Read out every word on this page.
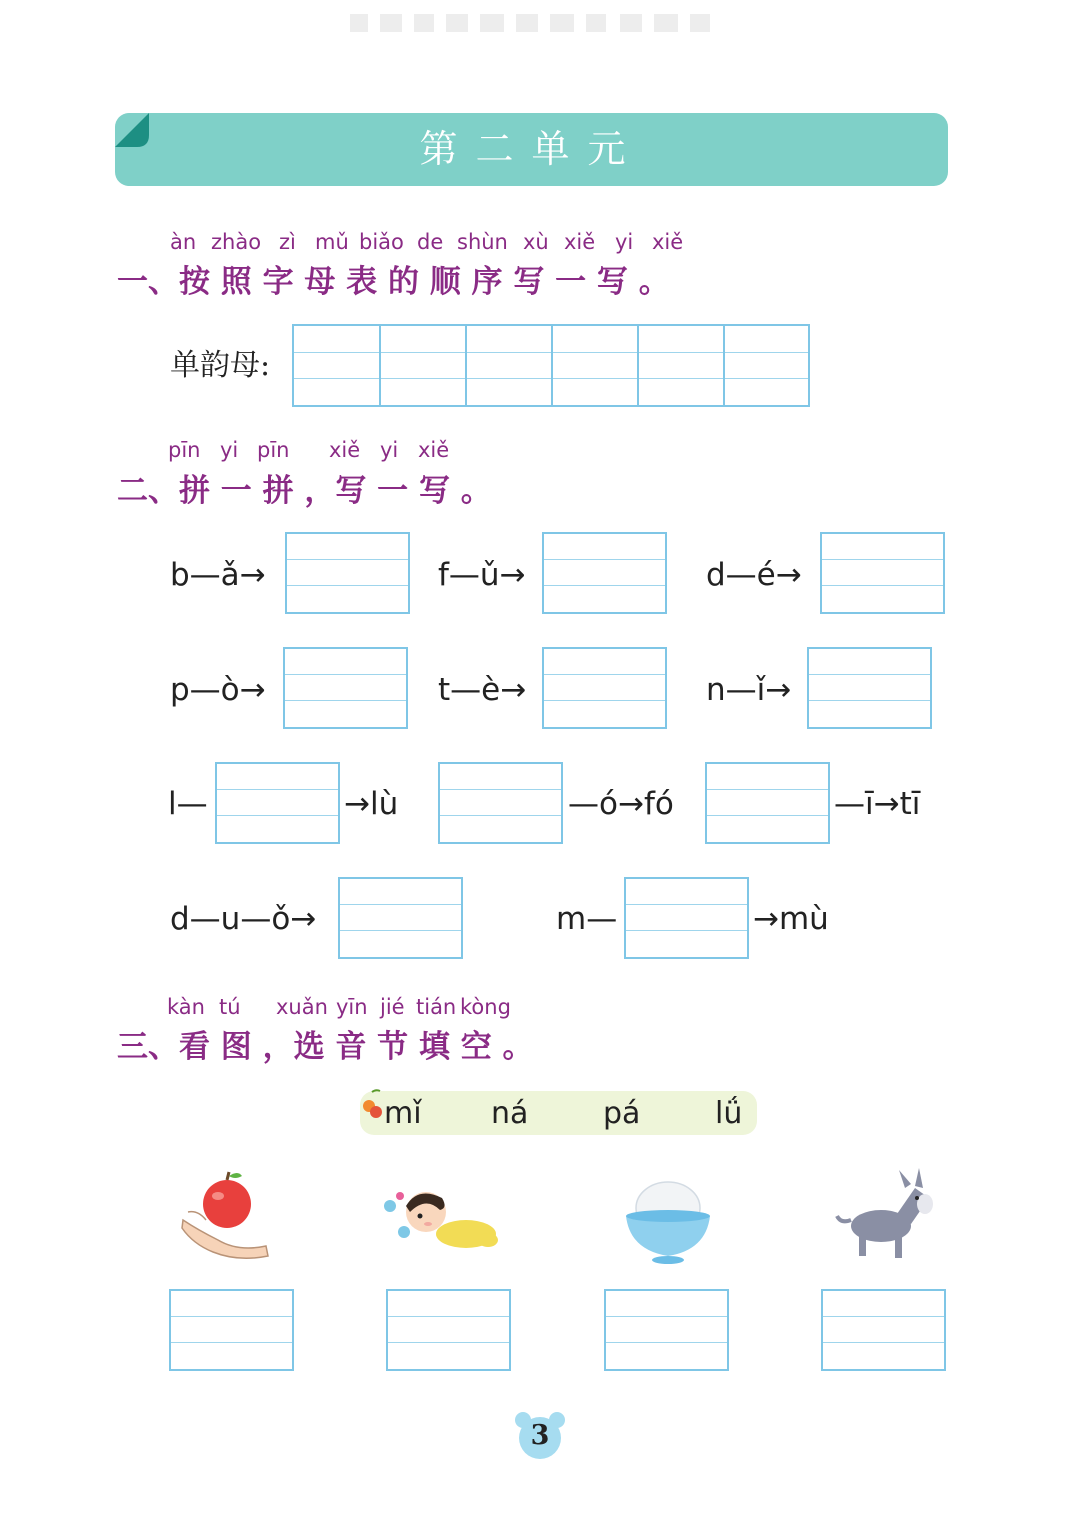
第二单元
àn zhào zì mǔ biǎo de shùn xù xiě yi xiě
一、按 照 字 母 表 的 顺 序 写 一 写 。
单韵母:
pīn yi pīn xiě yi xiě
二、拼 一 拼 ，写 一 写 。
b—ǎ→	f—ǔ→	d—é→
p—ò→	t—è→	n—ǐ→
l—	→lù	—ó→fó	—ī→tī
d—u—ǒ→	m—	→mù
kàn tú xuǎn yīn jié tián kòng
三、看 图 ，选 音 节 填 空 。
mǐ ná pá lǘ
3
